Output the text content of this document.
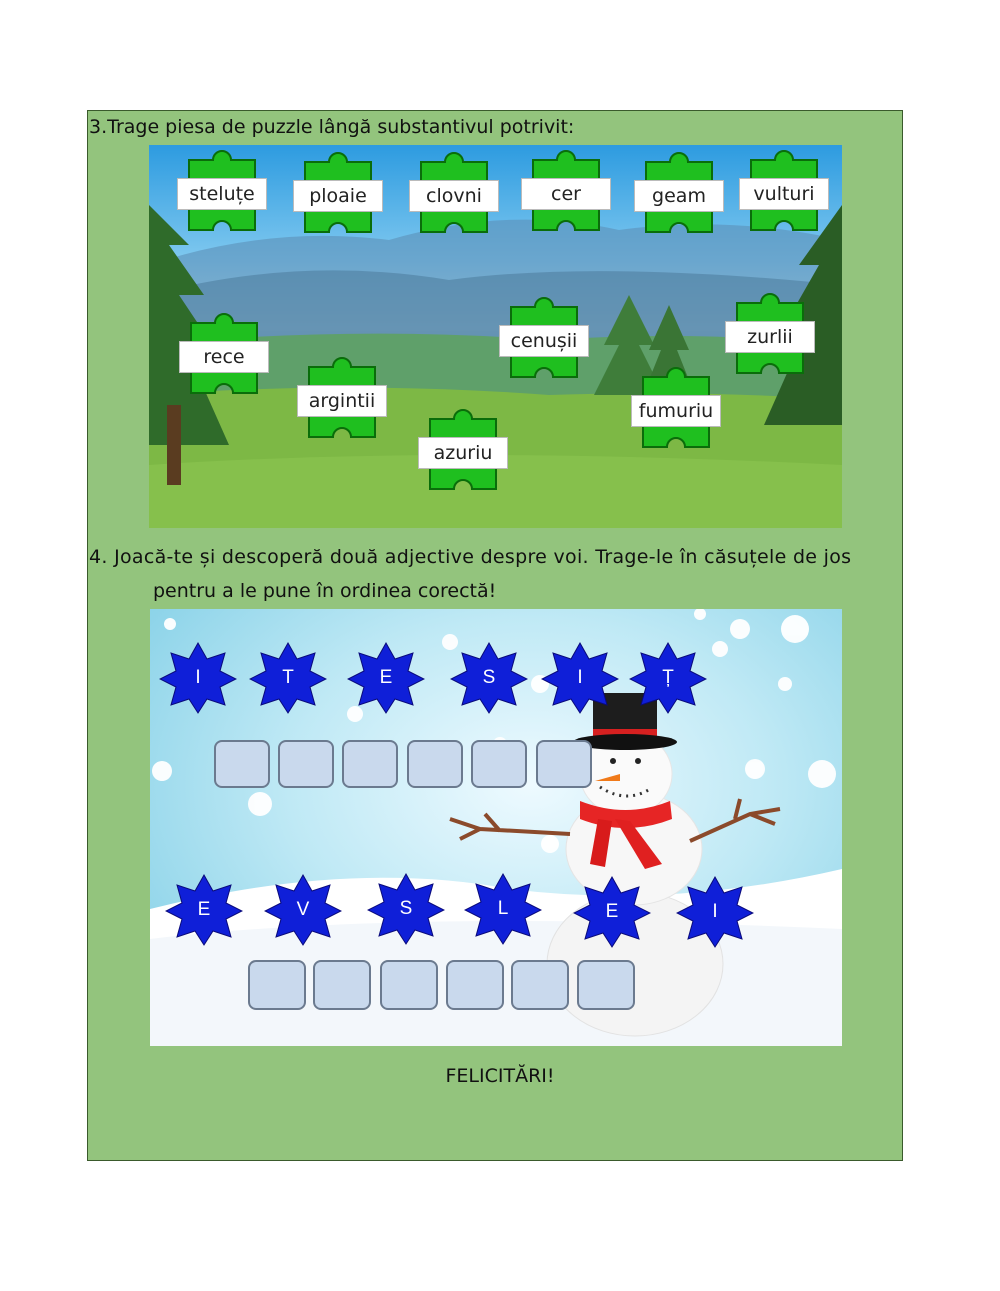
3.Trage piesa de puzzle lângă substantivul potrivit:
steluțe	ploaie	clovni	cer	geam	vulturi
rece
argintii
azuriu
cenușii
fumuriu
zurlii
4. Joacă-te și descoperă două adjective despre voi. Trage-le în căsuțele de jos
pentru a le pune în ordinea corectă!
I	T	E	S	I	Ț
E	V	S	L	E	I
FELICITĂRI!
